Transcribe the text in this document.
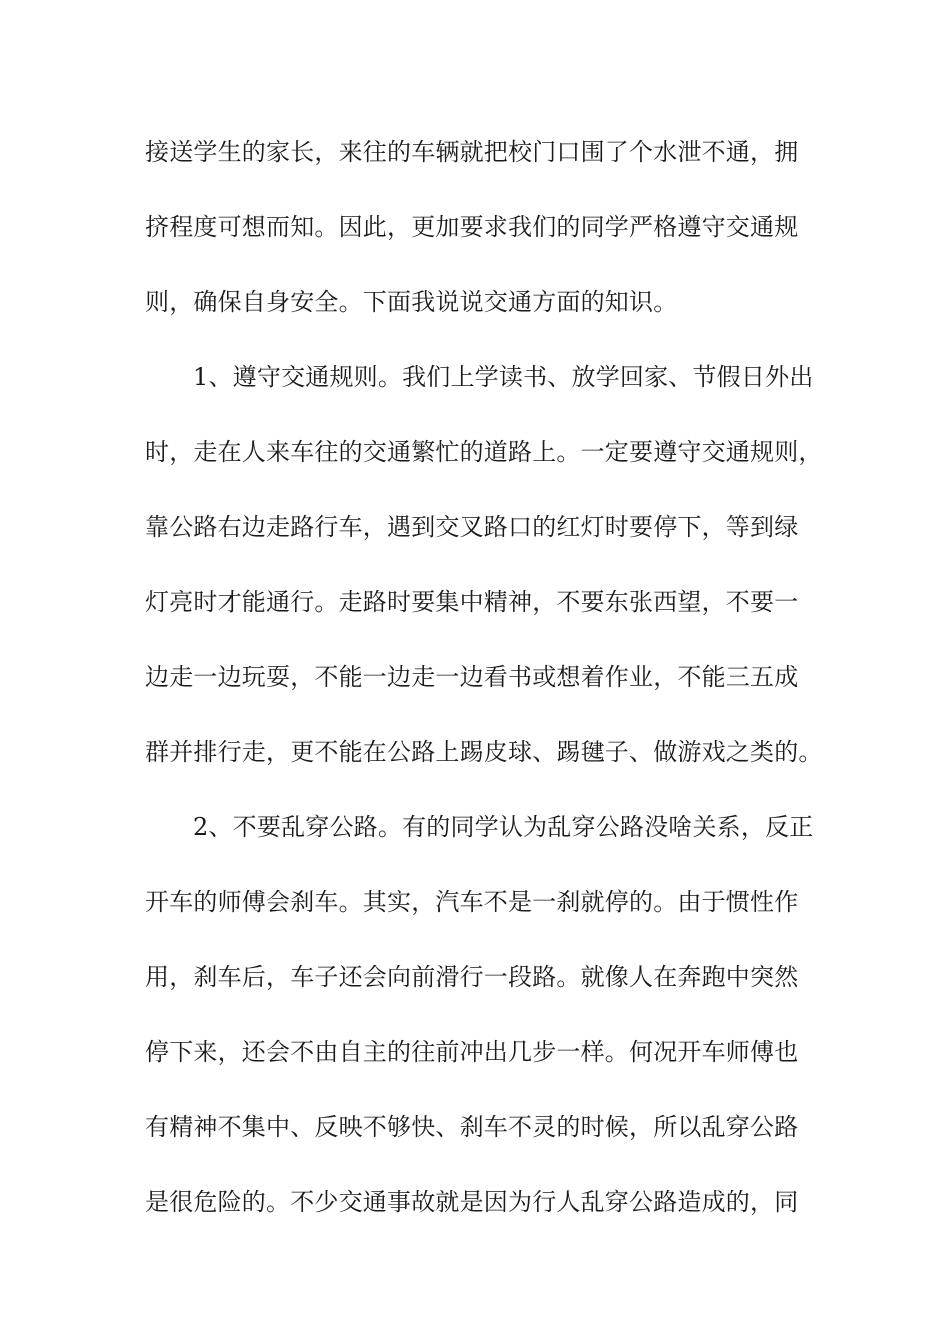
接送学生的家长，来往的车辆就把校门口围了个水泄不通，拥
挤程度可想而知。因此，更加要求我们的同学严格遵守交通规
则，确保自身安全。下面我说说交通方面的知识。
1、遵守交通规则。我们上学读书、放学回家、节假日外出
时，走在人来车往的交通繁忙的道路上。一定要遵守交通规则，
靠公路右边走路行车，遇到交叉路口的红灯时要停下，等到绿
灯亮时才能通行。走路时要集中精神，不要东张西望，不要一
边走一边玩耍，不能一边走一边看书或想着作业，不能三五成
群并排行走，更不能在公路上踢皮球、踢毽子、做游戏之类的。
2、不要乱穿公路。有的同学认为乱穿公路没啥关系，反正
开车的师傅会刹车。其实，汽车不是一刹就停的。由于惯性作
用，刹车后，车子还会向前滑行一段路。就像人在奔跑中突然
停下来，还会不由自主的往前冲出几步一样。何况开车师傅也
有精神不集中、反映不够快、刹车不灵的时候，所以乱穿公路
是很危险的。不少交通事故就是因为行人乱穿公路造成的，同
